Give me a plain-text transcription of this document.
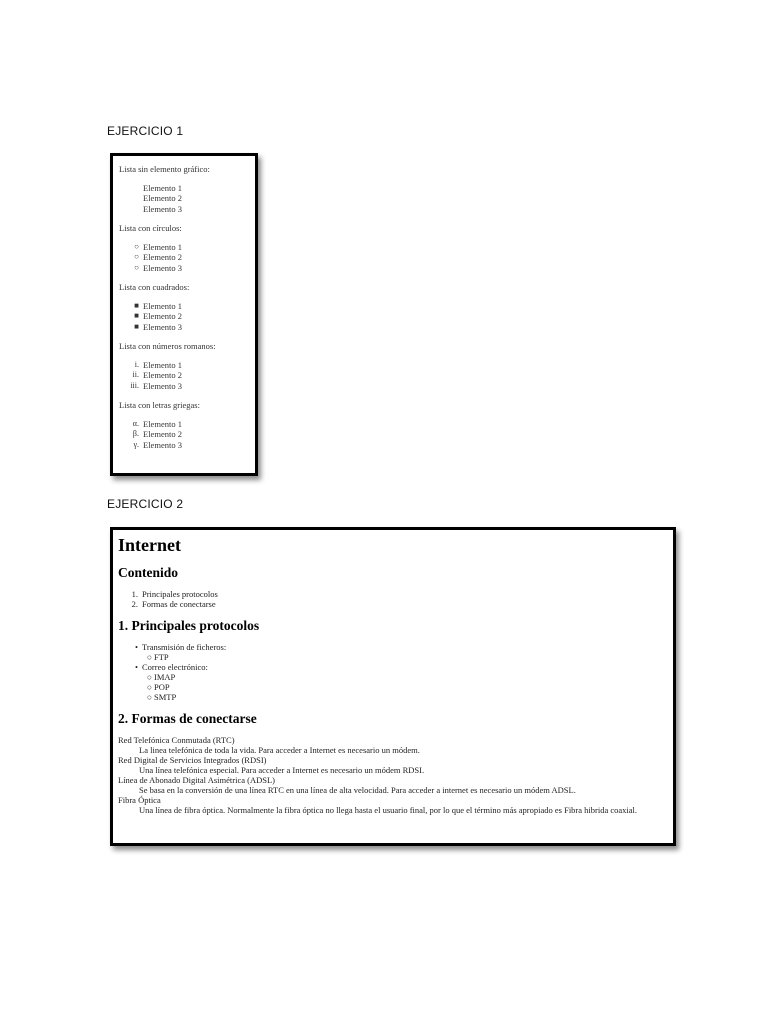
EJERCICIO 1
Lista sin elemento gráfico:
Elemento 1
Elemento 2
Elemento 3
Lista con círculos:
○ Elemento 1
○ Elemento 2
○ Elemento 3
Lista con cuadrados:
■ Elemento 1
■ Elemento 2
■ Elemento 3
Lista con números romanos:
i. Elemento 1
ii. Elemento 2
iii. Elemento 3
Lista con letras griegas:
α. Elemento 1
β. Elemento 2
γ. Elemento 3
EJERCICIO 2
Internet
Contenido
1. Principales protocolos
2. Formas de conectarse
1. Principales protocolos
• Transmisión de ficheros:
○ FTP
• Correo electrónico:
○ IMAP
○ POP
○ SMTP
2. Formas de conectarse
Red Telefónica Conmutada (RTC)
La linea telefónica de toda la vida. Para acceder a Internet es necesario un módem.
Red Digital de Servicios Integrados (RDSI)
Una línea telefónica especial. Para acceder a Internet es necesario un módem RDSI.
Línea de Abonado Digital Asimétrica (ADSL)
Se basa en la conversión de una línea RTC en una línea de alta velocidad. Para acceder a internet es necesario un módem ADSL.
Fibra Óptica
Una línea de fibra óptica. Normalmente la fibra óptica no llega hasta el usuario final, por lo que el término más apropiado es Fibra hibrida coaxial.
